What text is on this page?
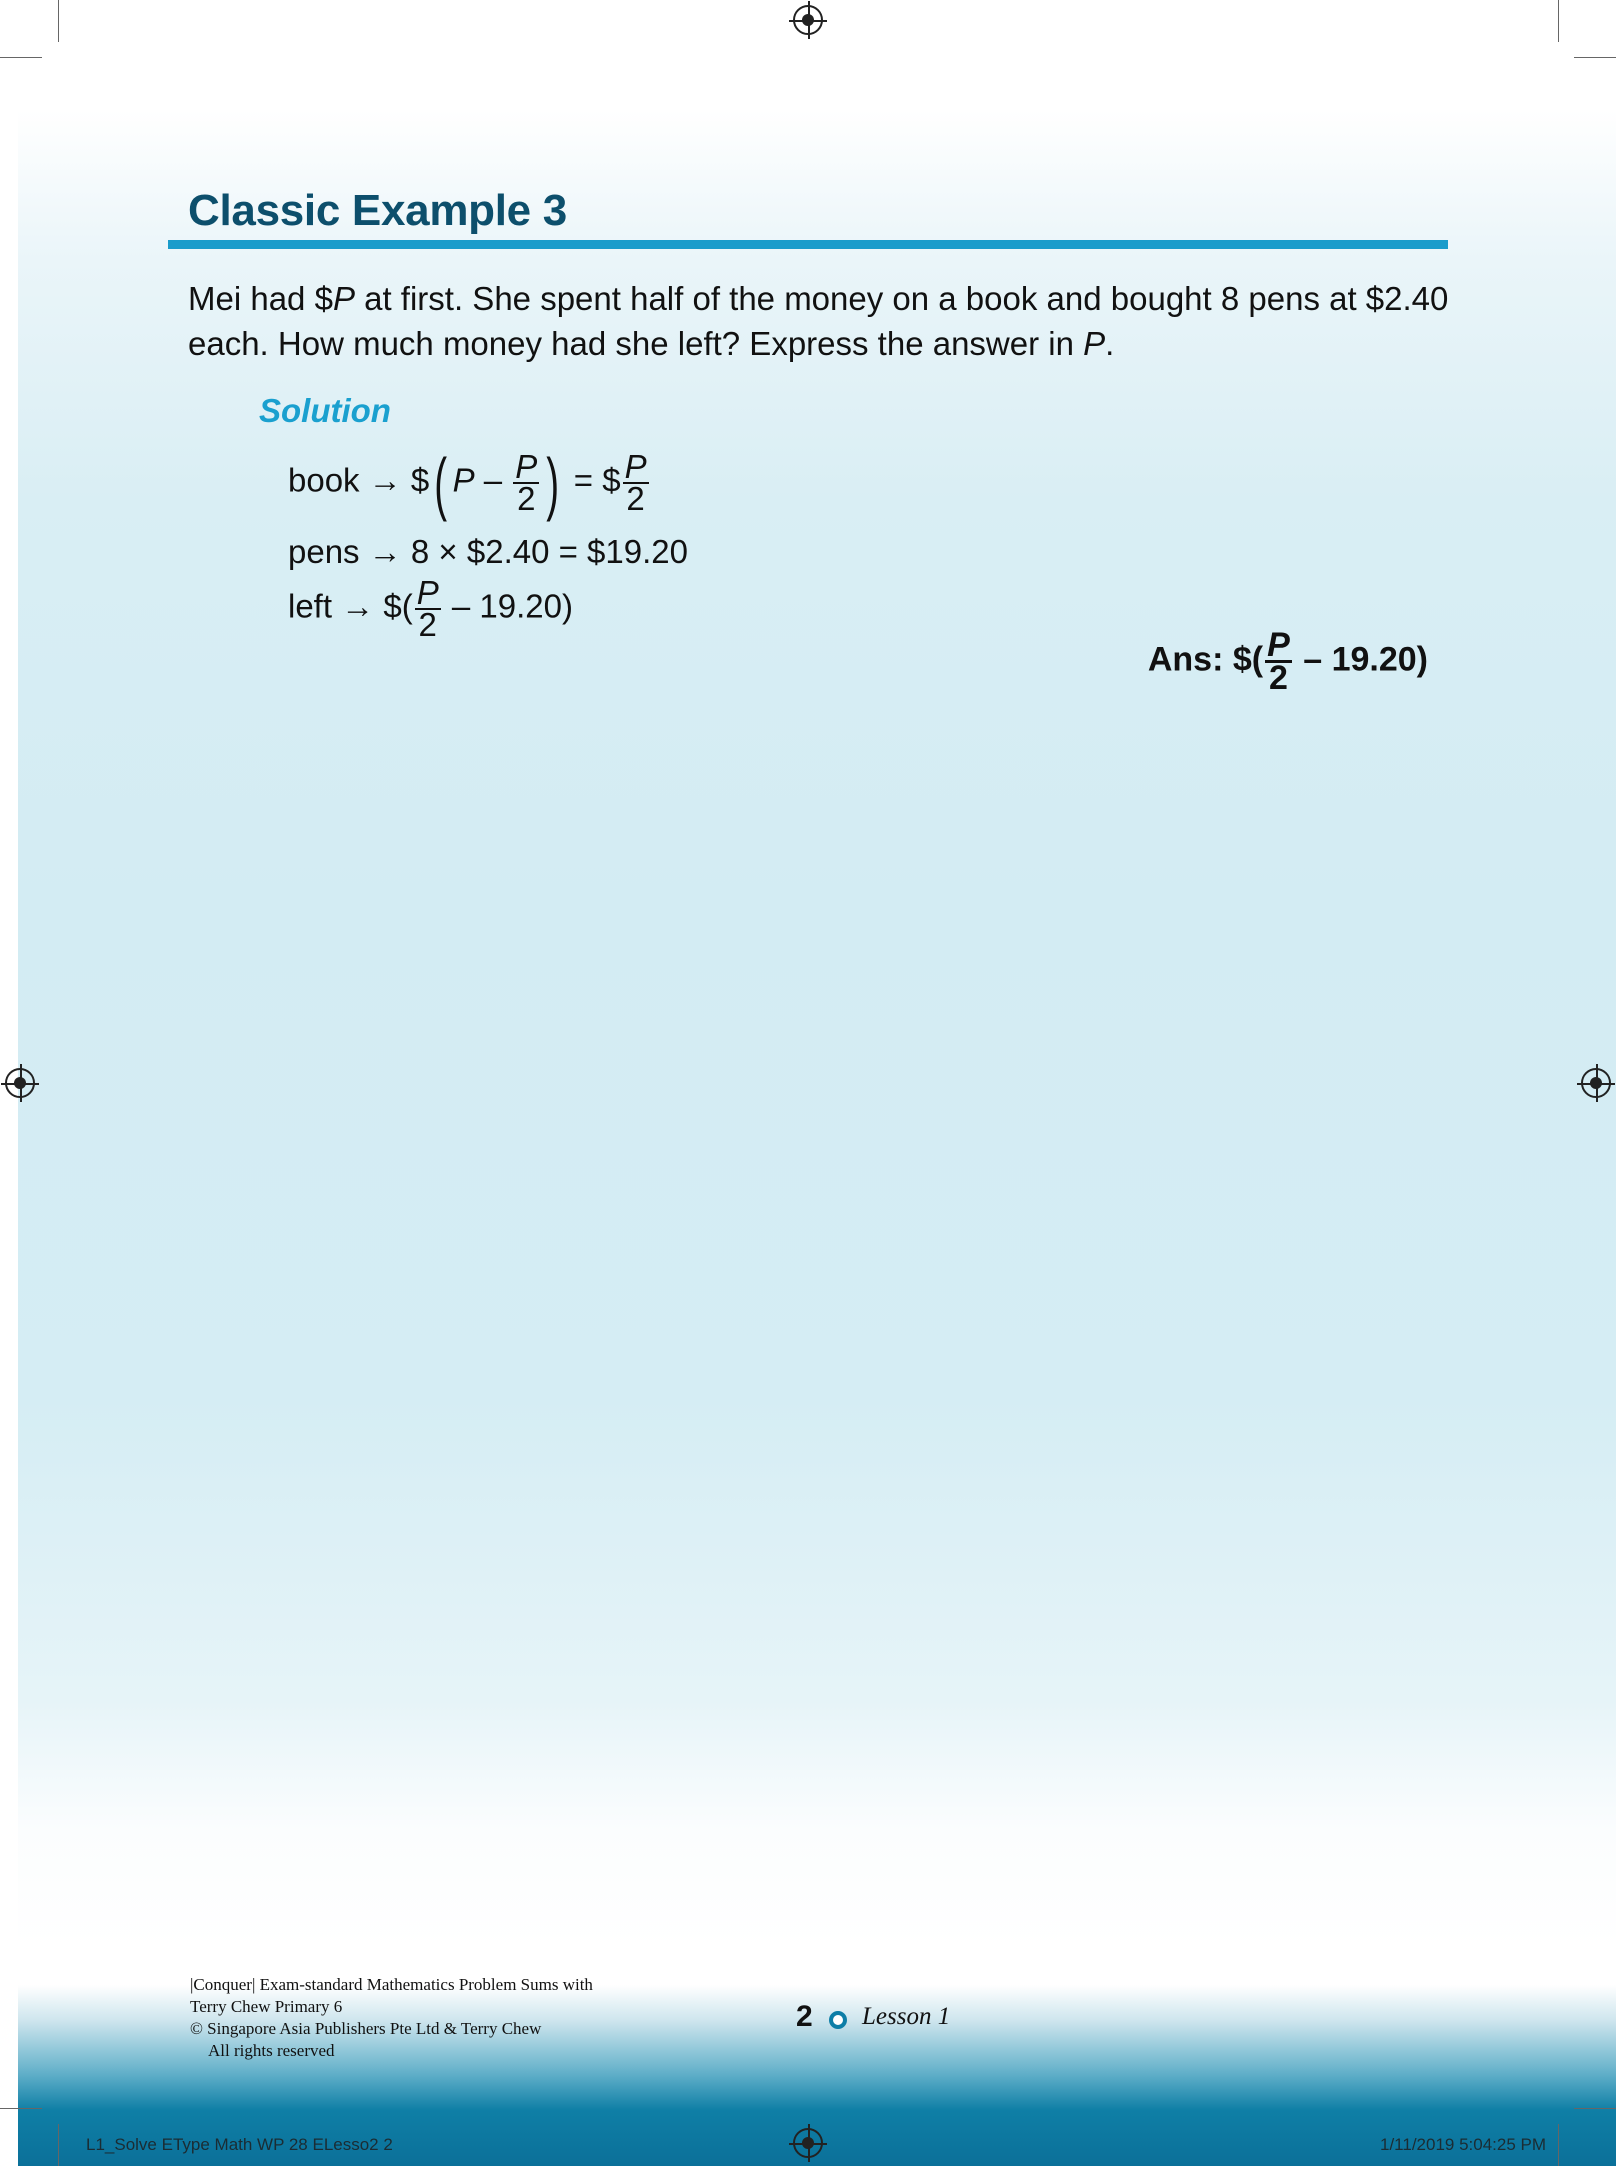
Classic Example 3
Mei had $P at first. She spent half of the money on a book and bought 8 pens at $2.40
each. How much money had she left? Express the answer in P.
Solution
book → $( P – $\frac{P}{2}$ ) = $ $\frac{P}{2}$
pens → 8 × $2.40 = $19.20
left → $( $\frac{P}{2} - 19.20$)
Ans: $( $\frac{P}{2} - 19.20$)
|Conquer| Exam-standard Mathematics Problem Sums with
Terry Chew Primary 6
© Singapore Asia Publishers Pte Ltd & Terry Chew
All rights reserved
2 Lesson 1
L1_Solve EType Math WP 28 ELesso2 2	1/11/2019 5:04:25 PM
